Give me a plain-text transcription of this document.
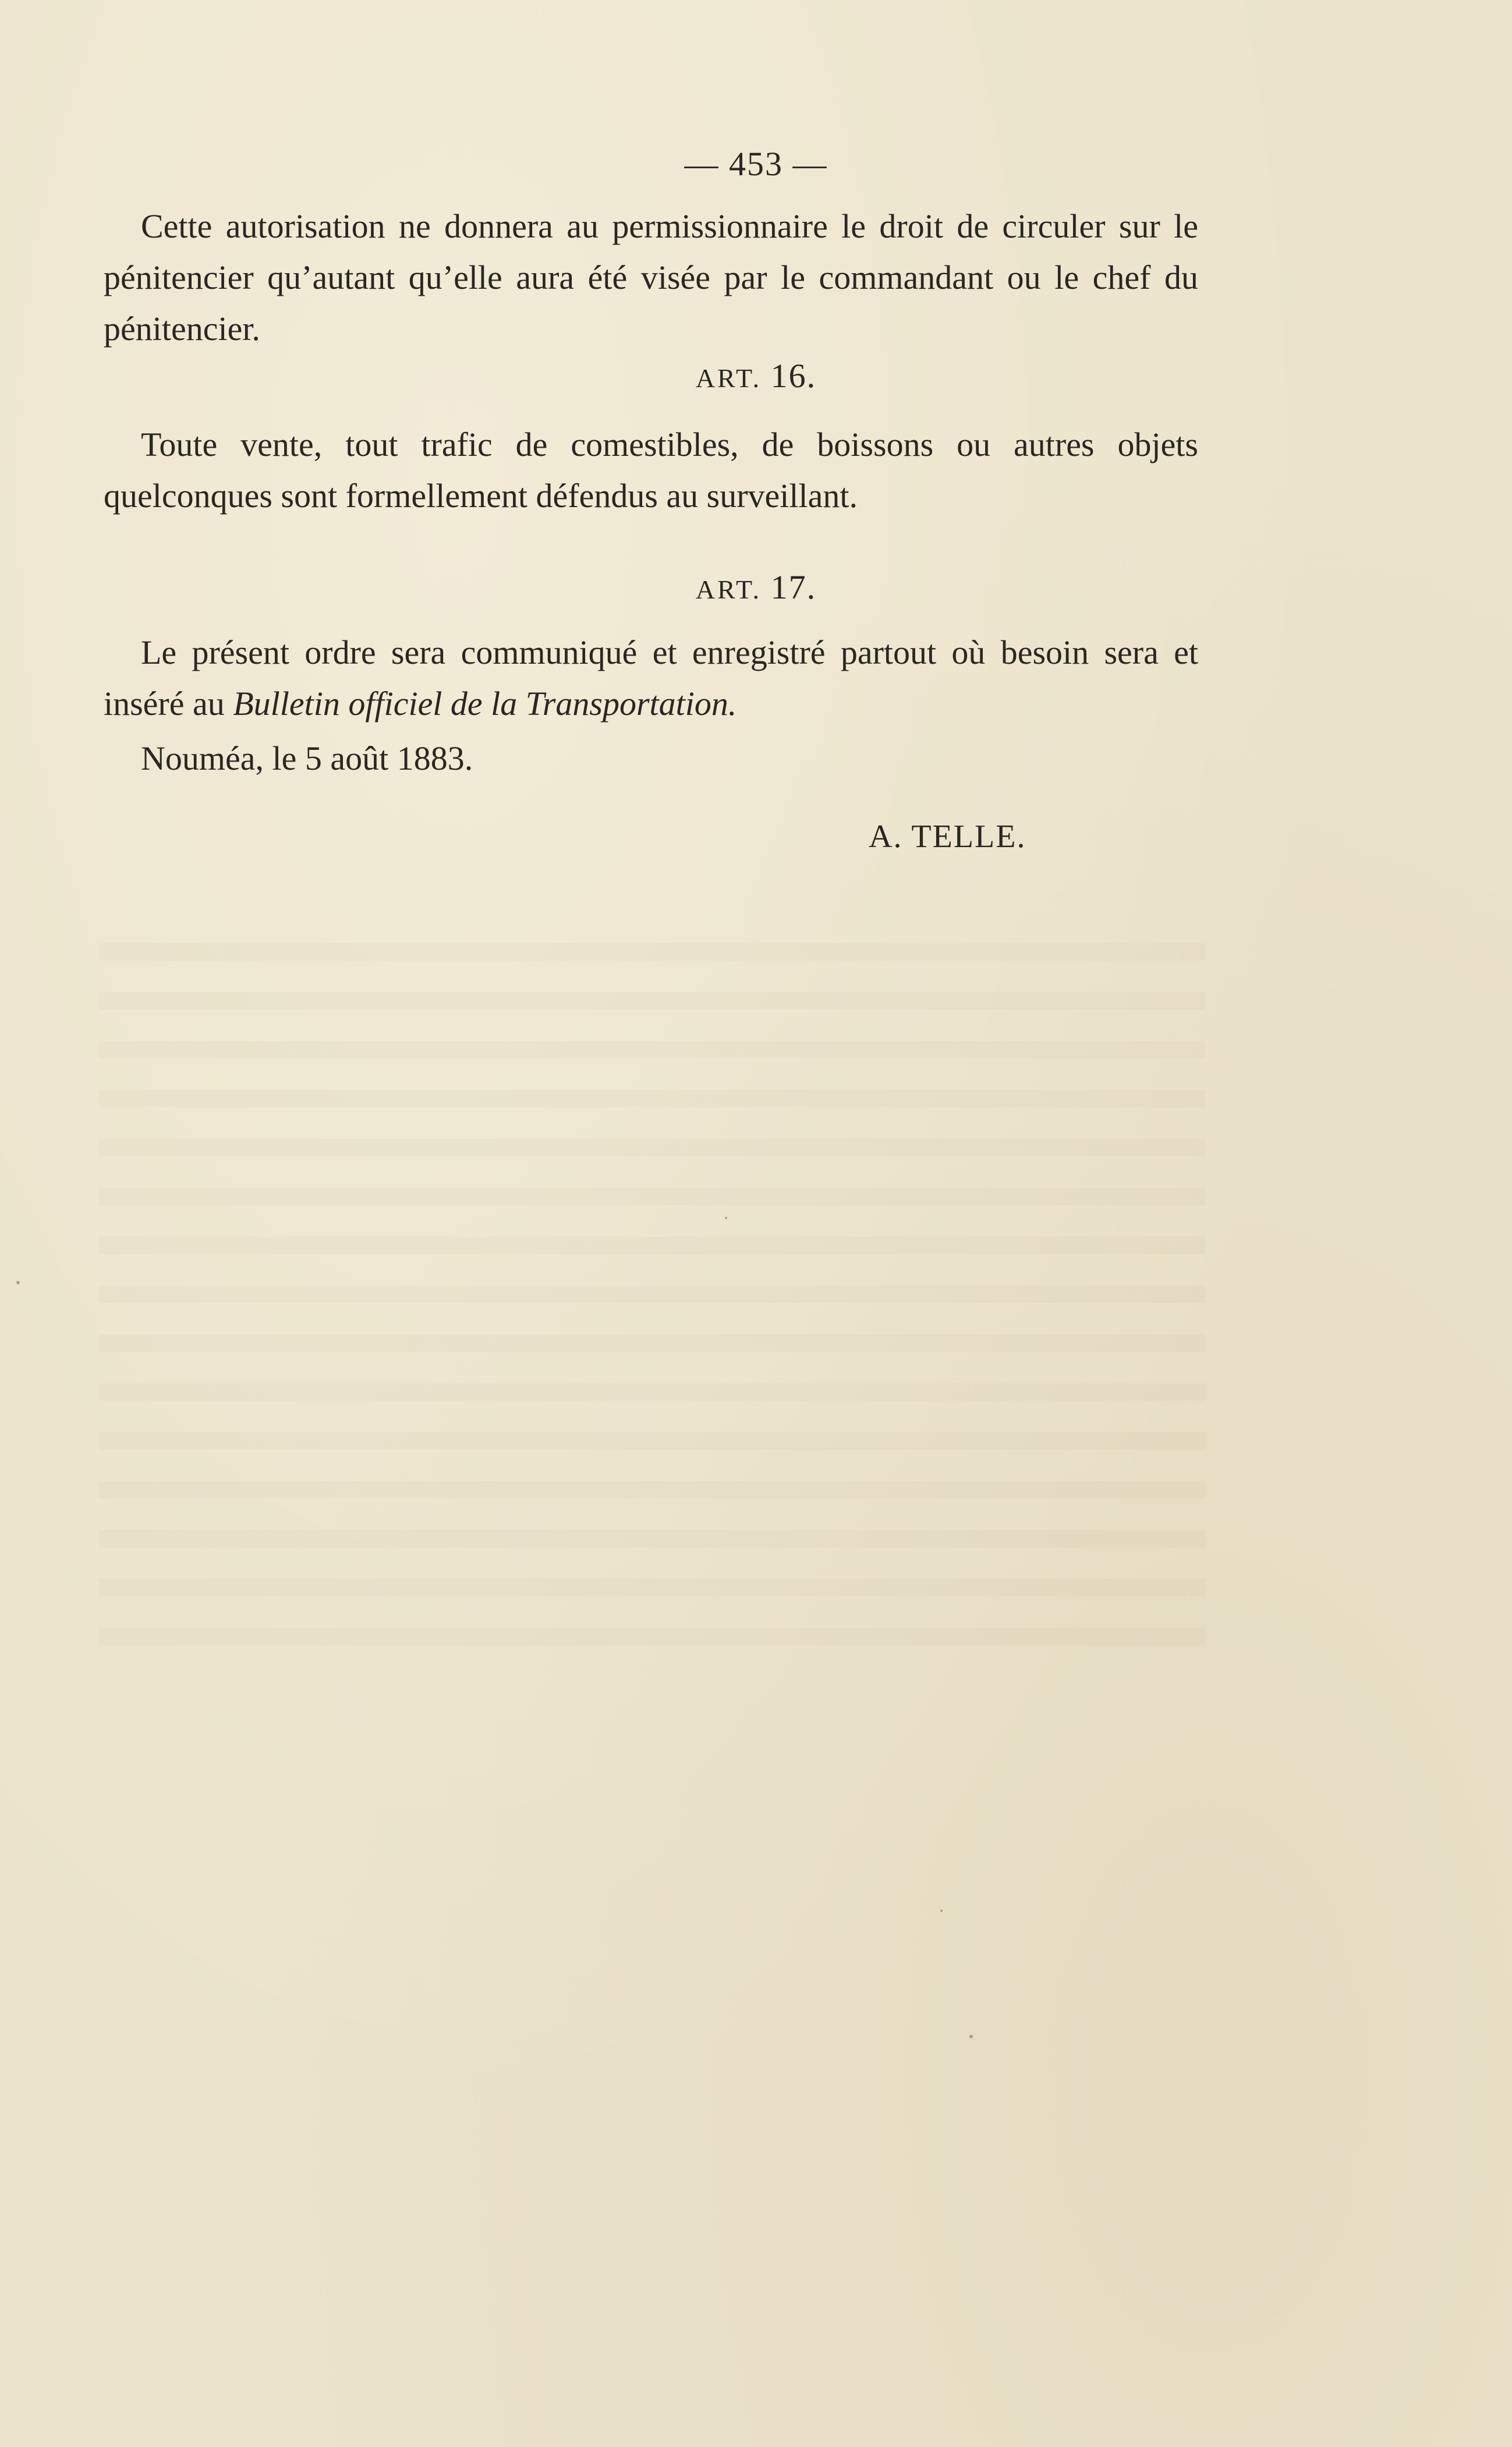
— 453 —

Cette autorisation ne donnera au permissionnaire le droit de circuler sur le pénitencier qu’autant qu’elle aura été visée par le commandant ou le chef du pénitencier.

ART. 16.

Toute vente, tout trafic de comestibles, de boissons ou autres objets quelconques sont formellement défendus au surveillant.

ART. 17.

Le présent ordre sera communiqué et enregistré partout où besoin sera et inséré au Bulletin officiel de la Transportation.

Nouméa, le 5 août 1883.

A. TELLE.
